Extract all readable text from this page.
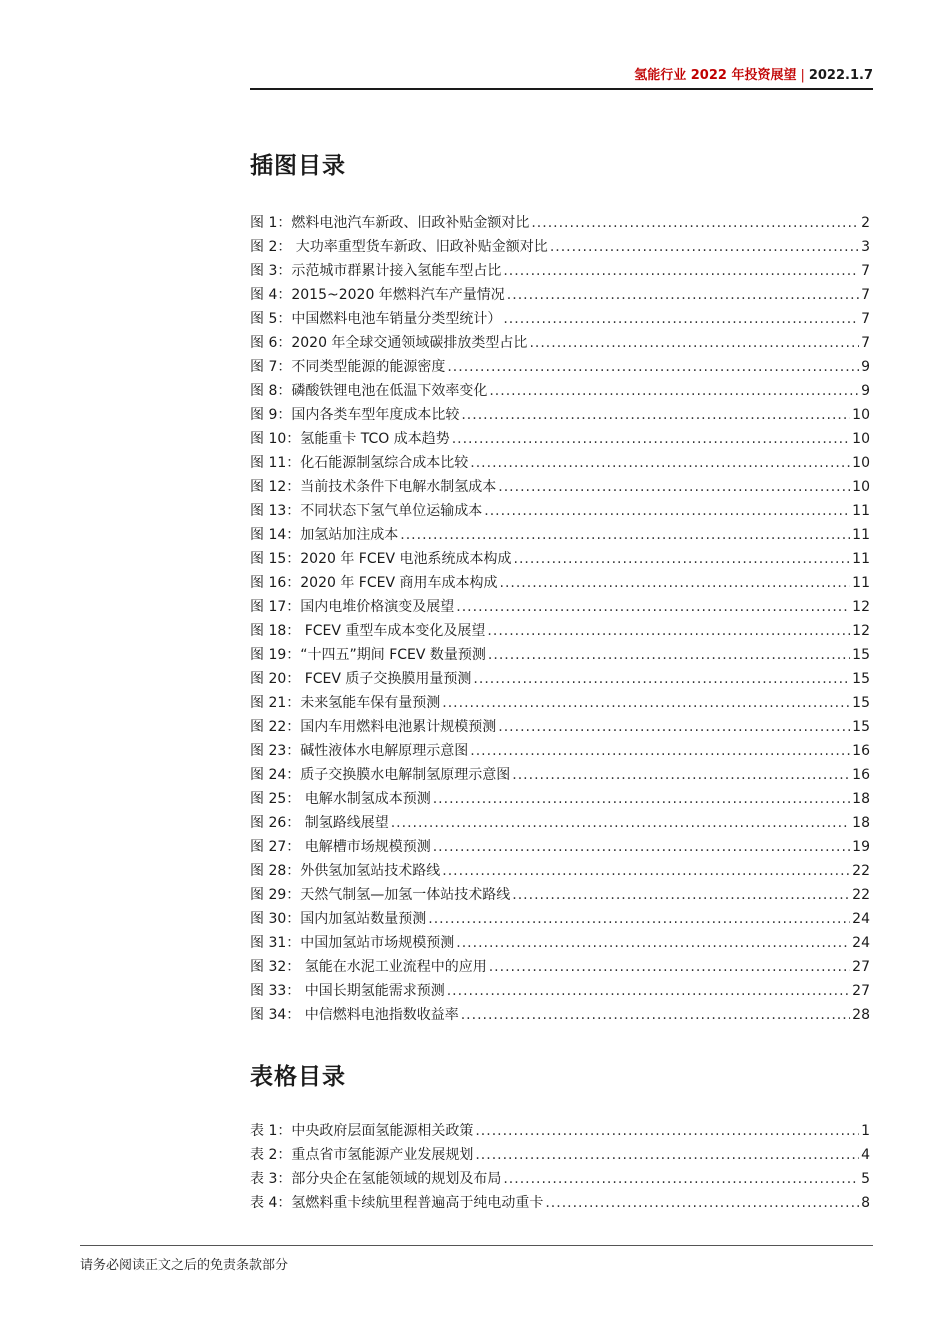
氢能行业 2022 年投资展望 | 2022.1.7
插图目录
图 1：燃料电池汽车新政、旧政补贴金额对比 .....	2
图 2： 大功率重型货车新政、旧政补贴金额对比 .....	3
图 3：示范城市群累计接入氢能车型占比 .....	7
图 4：2015~2020 年燃料汽车产量情况 .....	7
图 5：中国燃料电池车销量分类型统计） .....	7
图 6：2020 年全球交通领域碳排放类型占比 .....	7
图 7：不同类型能源的能源密度 .....	9
图 8：磷酸铁锂电池在低温下效率变化 .....	9
图 9：国内各类车型年度成本比较 .....	10
图 10：氢能重卡 TCO 成本趋势 .....	10
图 11：化石能源制氢综合成本比较 .....	10
图 12：当前技术条件下电解水制氢成本 .....	10
图 13：不同状态下氢气单位运输成本 .....	11
图 14：加氢站加注成本 .....	11
图 15：2020 年 FCEV 电池系统成本构成 .....	11
图 16：2020 年 FCEV 商用车成本构成 .....	11
图 17：国内电堆价格演变及展望 .....	12
图 18： FCEV 重型车成本变化及展望 .....	12
图 19：“十四五”期间 FCEV 数量预测 .....	15
图 20： FCEV 质子交换膜用量预测 .....	15
图 21：未来氢能车保有量预测 .....	15
图 22：国内车用燃料电池累计规模预测 .....	15
图 23：碱性液体水电解原理示意图 .....	16
图 24：质子交换膜水电解制氢原理示意图 .....	16
图 25： 电解水制氢成本预测 .....	18
图 26： 制氢路线展望 .....	18
图 27： 电解槽市场规模预测 .....	19
图 28：外供氢加氢站技术路线 .....	22
图 29：天然气制氢—加氢一体站技术路线 .....	22
图 30：国内加氢站数量预测 .....	24
图 31：中国加氢站市场规模预测 .....	24
图 32： 氢能在水泥工业流程中的应用 .....	27
图 33： 中国长期氢能需求预测 .....	27
图 34： 中信燃料电池指数收益率 .....	28
表格目录
表 1：中央政府层面氢能源相关政策 .....	1
表 2：重点省市氢能源产业发展规划 .....	4
表 3：部分央企在氢能领域的规划及布局 .....	5
表 4：氢燃料重卡续航里程普遍高于纯电动重卡 .....	8
请务必阅读正文之后的免责条款部分
